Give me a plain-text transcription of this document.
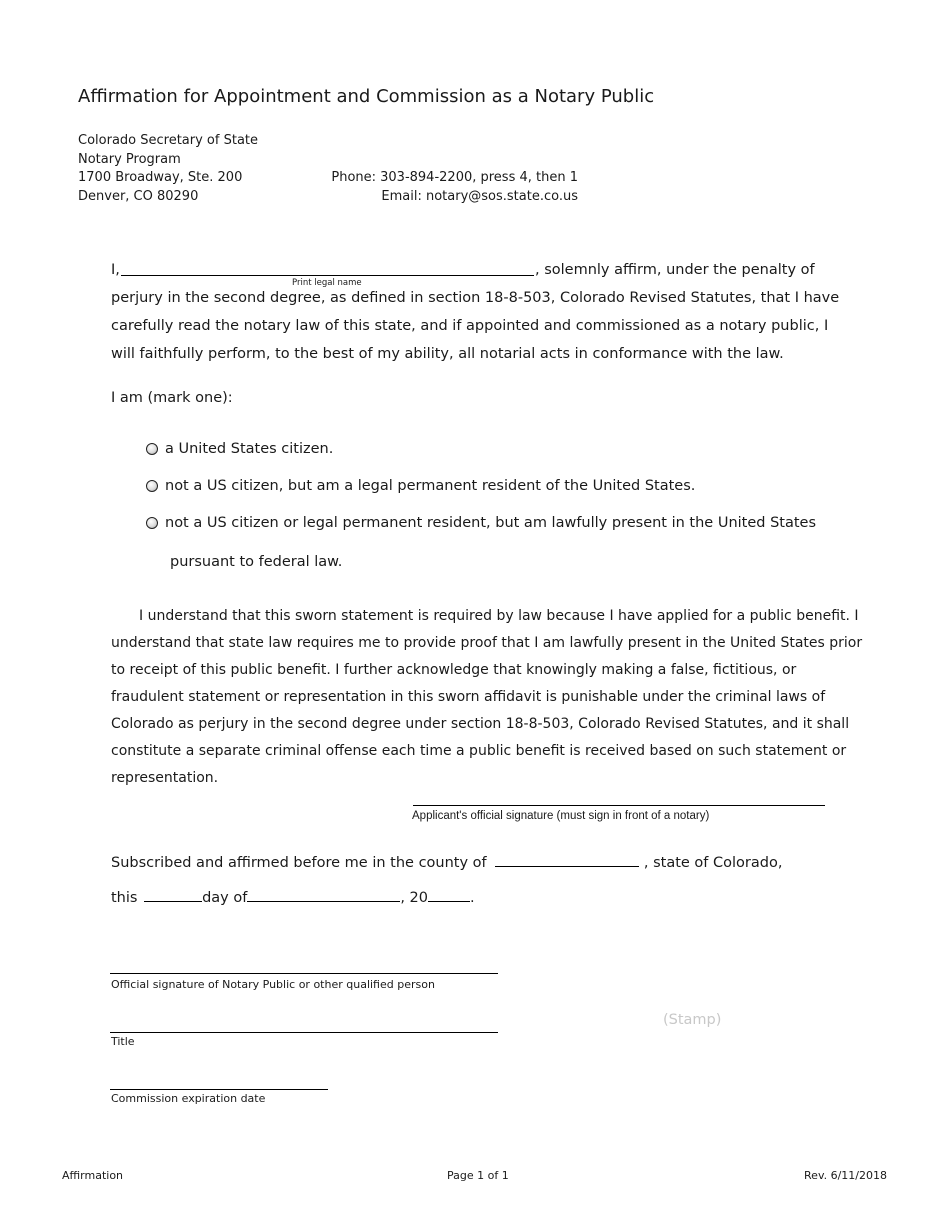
Affirmation for Appointment and Commission as a Notary Public
Colorado Secretary of State
Notary Program
1700 Broadway, Ste. 200
Denver, CO 80290
Phone: 303-894-2200, press 4, then 1
Email: notary@sos.state.co.us
I,
Print legal name
, solemnly affirm, under the penalty of
perjury in the second degree, as defined in section 18-8-503, Colorado Revised Statutes, that I have
carefully read the notary law of this state, and if appointed and commissioned as a notary public, I
will faithfully perform, to the best of my ability, all notarial acts in conformance with the law.
I am (mark one):
a United States citizen.
not a US citizen, but am a legal permanent resident of the United States.
not a US citizen or legal permanent resident, but am lawfully present in the United States
pursuant to federal law.
I understand that this sworn statement is required by law because I have applied for a public benefit. I
understand that state law requires me to provide proof that I am lawfully present in the United States prior
to receipt of this public benefit. I further acknowledge that knowingly making a false, fictitious, or
fraudulent statement or representation in this sworn affidavit is punishable under the criminal laws of
Colorado as perjury in the second degree under section 18-8-503, Colorado Revised Statutes, and it shall
constitute a separate criminal offense each time a public benefit is received based on such statement or
representation.
Applicant's official signature (must sign in front of a notary)
Subscribed and affirmed before me in the county of	, state of Colorado,
this	day of	, 20	.
Official signature of Notary Public or other qualified person
(Stamp)
Title
Commission expiration date
Affirmation	Page 1 of 1	Rev. 6/11/2018
